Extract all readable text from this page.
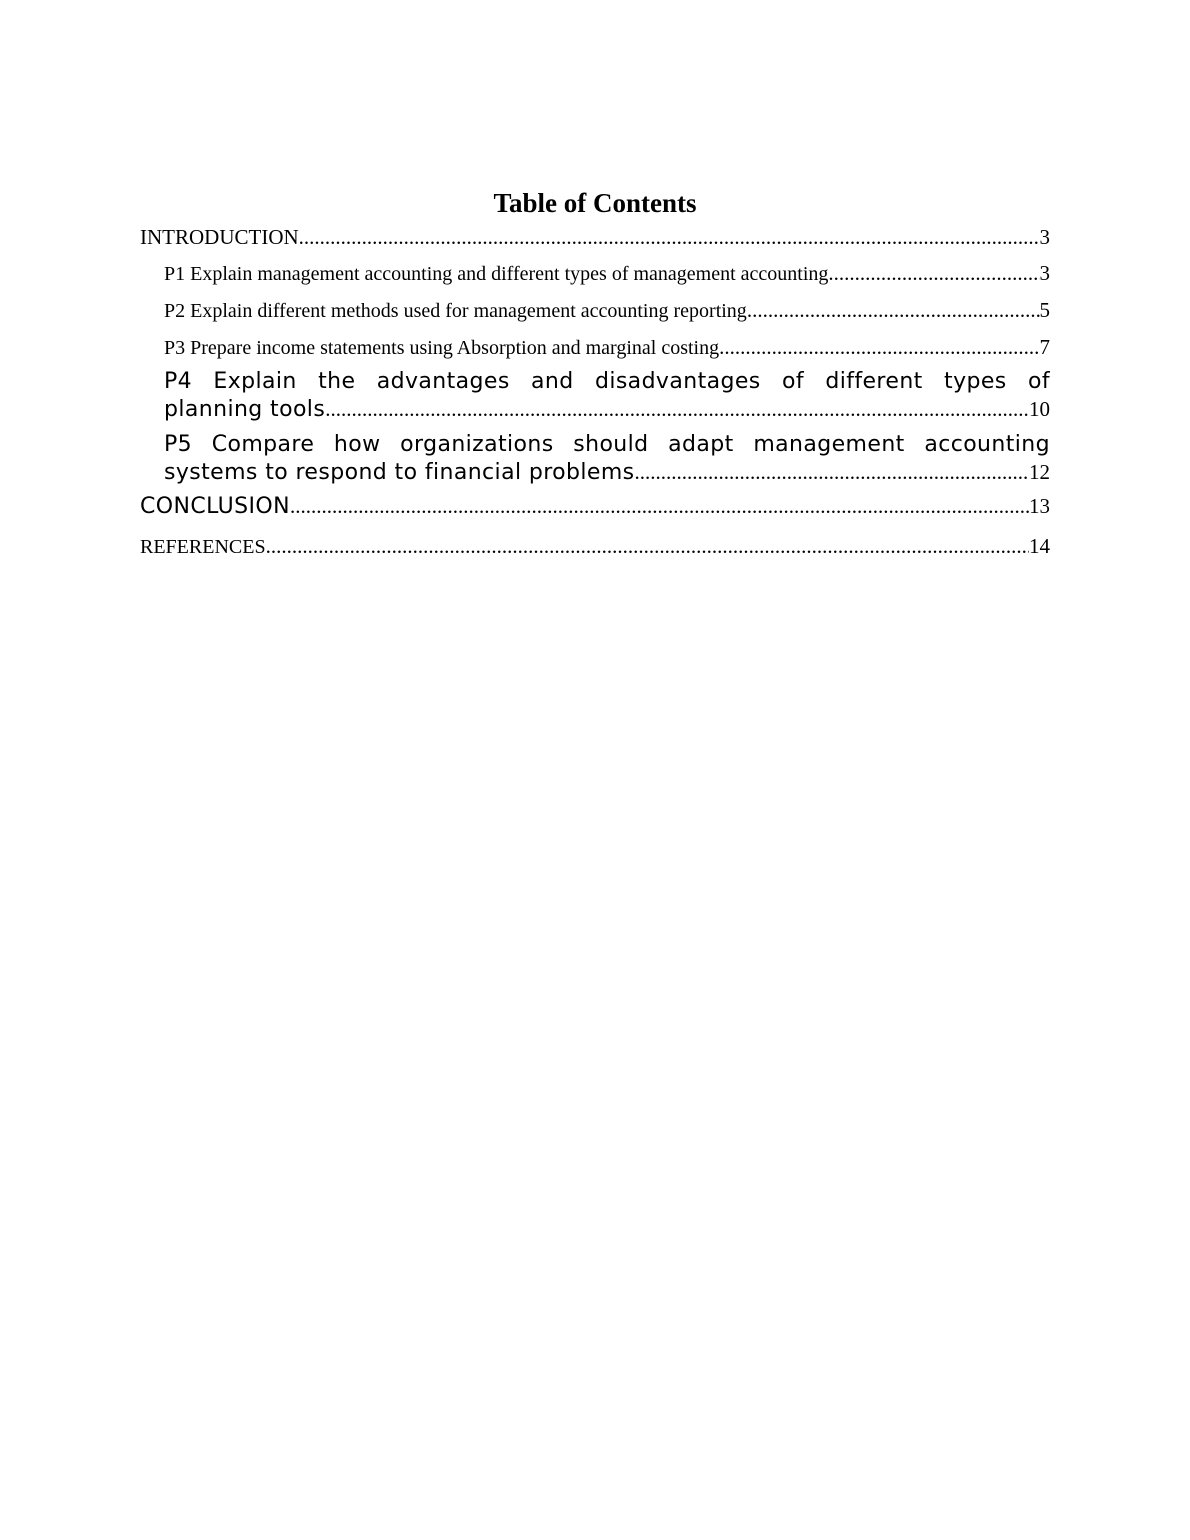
Table of Contents
INTRODUCTION .....	3
P1 Explain management accounting and different types of management accounting .....	3
P2 Explain different methods used for management accounting reporting .....	5
P3 Prepare income statements using Absorption and marginal costing .....	7
P4 Explain the advantages and disadvantages of different types of
planning tools .....	10
P5 Compare how organizations should adapt management accounting
systems to respond to financial problems .....	12
CONCLUSION .....	13
REFERENCES .....	14
